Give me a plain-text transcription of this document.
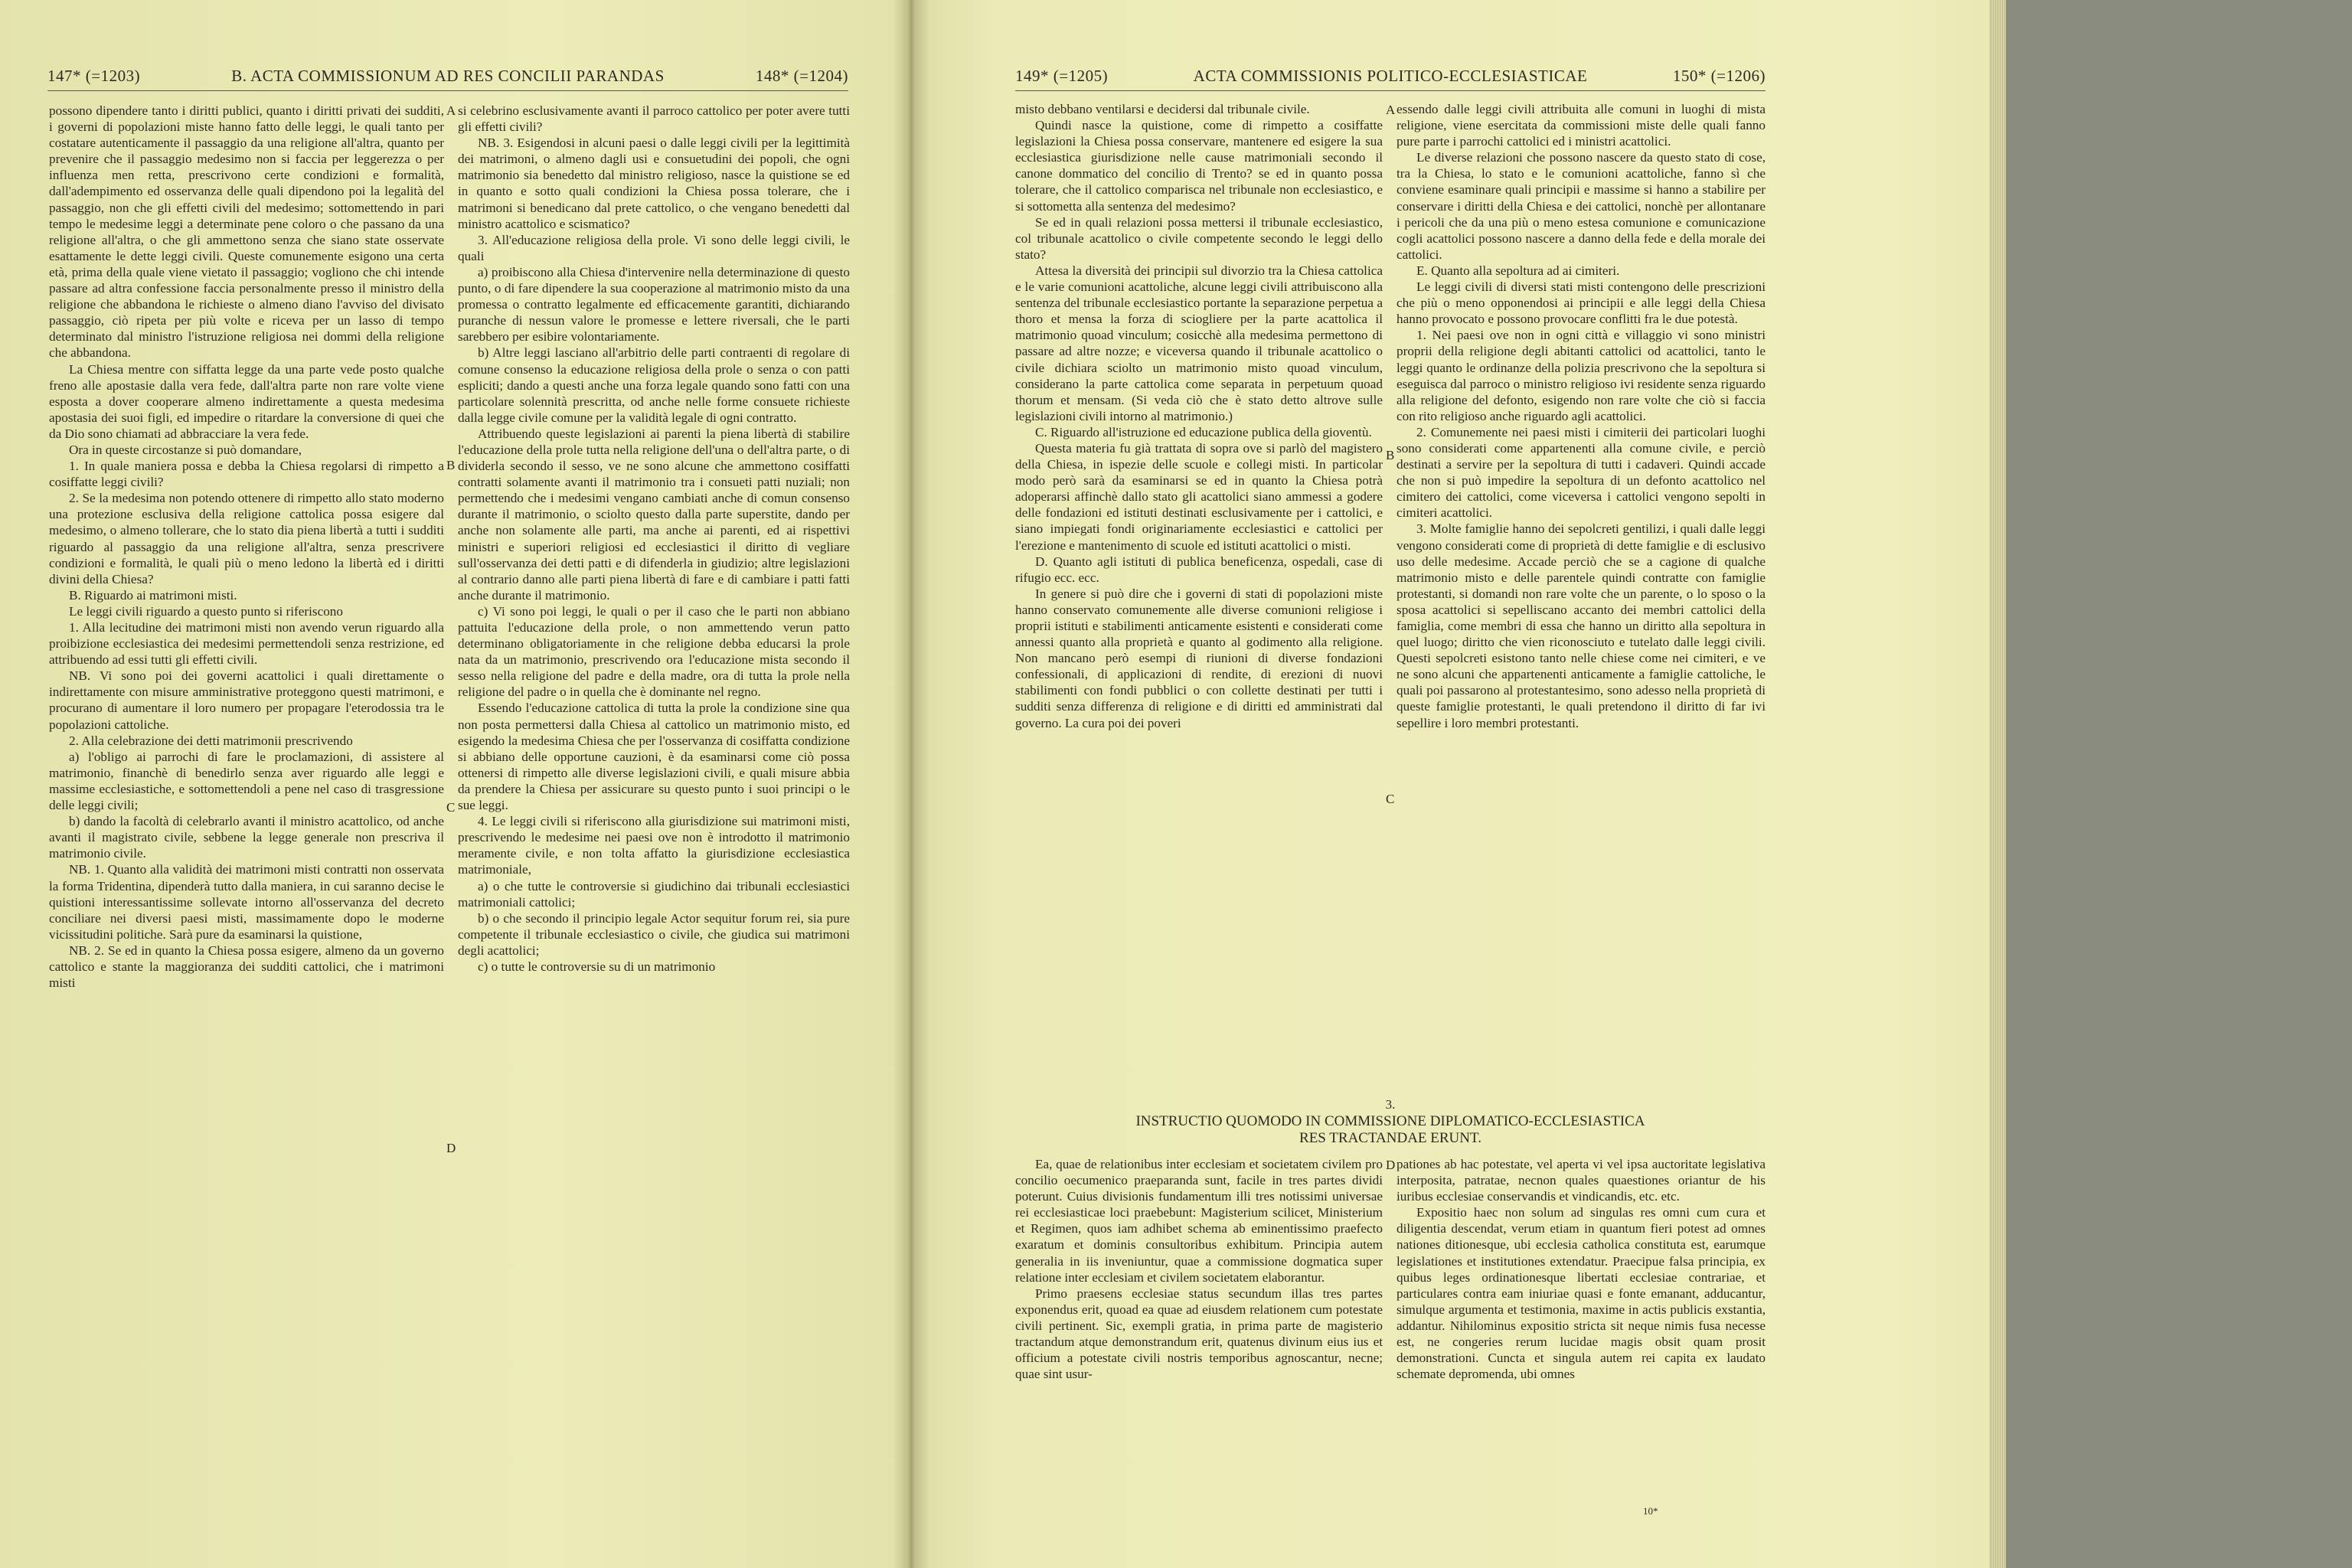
147* (=1203)	B. ACTA COMMISSIONUM AD RES CONCILII PARANDAS	148* (=1204)

possono dipendere tanto i diritti publici, quanto i diritti privati dei sudditi, i governi di popolazioni miste hanno fatto delle leggi, le quali tanto per costatare autenticamente il passaggio da una religione all'altra, quanto per prevenire che il passaggio medesimo non si faccia per leggerezza o per influenza men retta, prescrivono certe condizioni e formalità, dall'adempimento ed osservanza delle quali dipendono poi la legalità del passaggio, non che gli effetti civili del medesimo; sottomettendo in pari tempo le medesime leggi a determinate pene coloro o che passano da una religione all'altra, o che gli ammettono senza che siano state osservate esattamente le dette leggi civili. Queste comunemente esigono una certa età, prima della quale viene vietato il passaggio; vogliono che chi intende passare ad altra confessione faccia personalmente presso il ministro della religione che abbandona le richieste o almeno diano l'avviso del divisato passaggio, ciò ripeta per più volte e riceva per un lasso di tempo determinato dal ministro l'istruzione religiosa nei dommi della religione che abbandona.

La Chiesa mentre con siffatta legge da una parte vede posto qualche freno alle apostasie dalla vera fede, dall'altra parte non rare volte viene esposta a dover cooperare almeno indirettamente a questa medesima apostasia dei suoi figli, ed impedire o ritardare la conversione di quei che da Dio sono chiamati ad abbracciare la vera fede.

Ora in queste circostanze si può domandare,

1. In quale maniera possa e debba la Chiesa regolarsi di rimpetto a cosiffatte leggi civili?

2. Se la medesima non potendo ottenere di rimpetto allo stato moderno una protezione esclusiva della religione cattolica possa esigere dal medesimo, o almeno tollerare, che lo stato dia piena libertà a tutti i sudditi riguardo al passaggio da una religione all'altra, senza prescrivere condizioni e formalità, le quali più o meno ledono la libertà ed i diritti divini della Chiesa?

B. Riguardo ai matrimoni misti.

Le leggi civili riguardo a questo punto si riferiscono

1. Alla lecitudine dei matrimoni misti non avendo verun riguardo alla proibizione ecclesiastica dei medesimi permettendoli senza restrizione, ed attribuendo ad essi tutti gli effetti civili.

NB. Vi sono poi dei governi acattolici i quali direttamente o indirettamente con misure amministrative proteggono questi matrimoni, e procurano di aumentare il loro numero per propagare l'eterodossia tra le popolazioni cattoliche.

2. Alla celebrazione dei detti matrimonii prescrivendo

a) l'obligo ai parrochi di fare le proclamazioni, di assistere al matrimonio, financhè di benedirlo senza aver riguardo alle leggi e massime ecclesiastiche, e sottomettendoli a pene nel caso di trasgressione delle leggi civili;

b) dando la facoltà di celebrarlo avanti il ministro acattolico, od anche avanti il magistrato civile, sebbene la legge generale non prescriva il matrimonio civile.

NB. 1. Quanto alla validità dei matrimoni misti contratti non osservata la forma Tridentina, dipenderà tutto dalla maniera, in cui saranno decise le quistioni interessantissime sollevate intorno all'osservanza del decreto conciliare nei diversi paesi misti, massimamente dopo le moderne vicissitudini politiche. Sarà pure da esaminarsi la quistione,

NB. 2. Se ed in quanto la Chiesa possa esigere, almeno da un governo cattolico e stante la maggioranza dei sudditi cattolici, che i matrimoni misti

si celebrino esclusivamente avanti il parroco cattolico per poter avere tutti gli effetti civili?

NB. 3. Esigendosi in alcuni paesi o dalle leggi civili per la legittimità dei matrimoni, o almeno dagli usi e consuetudini dei popoli, che ogni matrimonio sia benedetto dal ministro religioso, nasce la quistione se ed in quanto e sotto quali condizioni la Chiesa possa tolerare, che i matrimoni si benedicano dal prete cattolico, o che vengano benedetti dal ministro acattolico e scismatico?

3. All'educazione religiosa della prole. Vi sono delle leggi civili, le quali

a) proibiscono alla Chiesa d'intervenire nella determinazione di questo punto, o di fare dipendere la sua cooperazione al matrimonio misto da una promessa o contratto legalmente ed efficacemente garantiti, dichiarando puranche di nessun valore le promesse e lettere riversali, che le parti sarebbero per esibire volontariamente.

b) Altre leggi lasciano all'arbitrio delle parti contraenti di regolare di comune consenso la educazione religiosa della prole o senza o con patti espliciti; dando a questi anche una forza legale quando sono fatti con una particolare solennità prescritta, od anche nelle forme consuete richieste dalla legge civile comune per la validità legale di ogni contratto.

Attribuendo queste legislazioni ai parenti la piena libertà di stabilire l'educazione della prole tutta nella religione dell'una o dell'altra parte, o di dividerla secondo il sesso, ve ne sono alcune che ammettono cosiffatti contratti solamente avanti il matrimonio tra i consueti patti nuziali; non permettendo che i medesimi vengano cambiati anche di comun consenso durante il matrimonio, o sciolto questo dalla parte superstite, dando per anche non solamente alle parti, ma anche ai parenti, ed ai rispettivi ministri e superiori religiosi ed ecclesiastici il diritto di vegliare sull'osservanza dei detti patti e di difenderla in giudizio; altre legislazioni al contrario danno alle parti piena libertà di fare e di cambiare i patti fatti anche durante il matrimonio.

c) Vi sono poi leggi, le quali o per il caso che le parti non abbiano pattuita l'educazione della prole, o non ammettendo verun patto determinano obligatoriamente in che religione debba educarsi la prole nata da un matrimonio, prescrivendo ora l'educazione mista secondo il sesso nella religione del padre e della madre, ora di tutta la prole nella religione del padre o in quella che è dominante nel regno.

Essendo l'educazione cattolica di tutta la prole la condizione sine qua non posta permettersi dalla Chiesa al cattolico un matrimonio misto, ed esigendo la medesima Chiesa che per l'osservanza di cosiffatta condizione si abbiano delle opportune cauzioni, è da esaminarsi come ciò possa ottenersi di rimpetto alle diverse legislazioni civili, e quali misure abbia da prendere la Chiesa per assicurare su questo punto i suoi principi o le sue leggi.

4. Le leggi civili si riferiscono alla giurisdizione sui matrimoni misti, prescrivendo le medesime nei paesi ove non è introdotto il matrimonio meramente civile, e non tolta affatto la giurisdizione ecclesiastica matrimoniale,

a) o che tutte le controversie si giudichino dai tribunali ecclesiastici matrimoniali cattolici;

b) o che secondo il principio legale Actor sequitur forum rei, sia pure competente il tribunale ecclesiastico o civile, che giudica sui matrimoni degli acattolici;

c) o tutte le controversie su di un matrimonio

A
B
C
D
149* (=1205)	ACTA COMMISSIONIS POLITICO-ECCLESIASTICAE	150* (=1206)

misto debbano ventilarsi e decidersi dal tribunale civile.

Quindi nasce la quistione, come di rimpetto a cosiffatte legislazioni la Chiesa possa conservare, mantenere ed esigere la sua ecclesiastica giurisdizione nelle cause matrimoniali secondo il canone dommatico del concilio di Trento? se ed in quanto possa tolerare, che il cattolico comparisca nel tribunale non ecclesiastico, e si sottometta alla sentenza del medesimo?

Se ed in quali relazioni possa mettersi il tribunale ecclesiastico, col tribunale acattolico o civile competente secondo le leggi dello stato?

Attesa la diversità dei principii sul divorzio tra la Chiesa cattolica e le varie comunioni acattoliche, alcune leggi civili attribuiscono alla sentenza del tribunale ecclesiastico portante la separazione perpetua a thoro et mensa la forza di sciogliere per la parte acattolica il matrimonio quoad vinculum; cosicchè alla medesima permettono di passare ad altre nozze; e viceversa quando il tribunale acattolico o civile dichiara sciolto un matrimonio misto quoad vinculum, considerano la parte cattolica come separata in perpetuum quoad thorum et mensam. (Si veda ciò che è stato detto altrove sulle legislazioni civili intorno al matrimonio.)

C. Riguardo all'istruzione ed educazione publica della gioventù.

Questa materia fu già trattata di sopra ove si parlò del magistero della Chiesa, in ispezie delle scuole e collegi misti. In particolar modo però sarà da esaminarsi se ed in quanto la Chiesa potrà adoperarsi affinchè dallo stato gli acattolici siano ammessi a godere delle fondazioni ed istituti destinati esclusivamente per i cattolici, e siano impiegati fondi originariamente ecclesiastici e cattolici per l'erezione e mantenimento di scuole ed istituti acattolici o misti.

D. Quanto agli istituti di publica beneficenza, ospedali, case di rifugio ecc. ecc.

In genere si può dire che i governi di stati di popolazioni miste hanno conservato comunemente alle diverse comunioni religiose i proprii istituti e stabilimenti anticamente esistenti e considerati come annessi quanto alla proprietà e quanto al godimento alla religione. Non mancano però esempi di riunioni di diverse fondazioni confessionali, di applicazioni di rendite, di erezioni di nuovi stabilimenti con fondi pubblici o con collette destinati per tutti i sudditi senza differenza di religione e di diritti ed amministrati dal governo. La cura poi dei poveri

essendo dalle leggi civili attribuita alle comuni in luoghi di mista religione, viene esercitata da commissioni miste delle quali fanno pure parte i parrochi cattolici ed i ministri acattolici.

Le diverse relazioni che possono nascere da questo stato di cose, tra la Chiesa, lo stato e le comunioni acattoliche, fanno sì che conviene esaminare quali principii e massime si hanno a stabilire per conservare i diritti della Chiesa e dei cattolici, nonchè per allontanare i pericoli che da una più o meno estesa comunione e comunicazione cogli acattolici possono nascere a danno della fede e della morale dei cattolici.

E. Quanto alla sepoltura ad ai cimiteri.

Le leggi civili di diversi stati misti contengono delle prescrizioni che più o meno opponendosi ai principii e alle leggi della Chiesa hanno provocato e possono provocare conflitti fra le due potestà.

1. Nei paesi ove non in ogni città e villaggio vi sono ministri proprii della religione degli abitanti cattolici od acattolici, tanto le leggi quanto le ordinanze della polizia prescrivono che la sepoltura si eseguisca dal parroco o ministro religioso ivi residente senza riguardo alla religione del defonto, esigendo non rare volte che ciò si faccia con rito religioso anche riguardo agli acattolici.

2. Comunemente nei paesi misti i cimiterii dei particolari luoghi sono considerati come appartenenti alla comune civile, e perciò destinati a servire per la sepoltura di tutti i cadaveri. Quindi accade che non si può impedire la sepoltura di un defonto acattolico nel cimitero dei cattolici, come viceversa i cattolici vengono sepolti in cimiteri acattolici.

3. Molte famiglie hanno dei sepolcreti gentilizi, i quali dalle leggi vengono considerati come di proprietà di dette famiglie e di esclusivo uso delle medesime. Accade perciò che se a cagione di qualche matrimonio misto e delle parentele quindi contratte con famiglie protestanti, si domandi non rare volte che un parente, o lo sposo o la sposa acattolici si sepelliscano accanto dei membri cattolici della famiglia, come membri di essa che hanno un diritto alla sepoltura in quel luogo; diritto che vien riconosciuto e tutelato dalle leggi civili. Questi sepolcreti esistono tanto nelle chiese come nei cimiteri, e ve ne sono alcuni che appartenenti anticamente a famiglie cattoliche, le quali poi passarono al protestantesimo, sono adesso nella proprietà di queste famiglie protestanti, le quali pretendono il diritto di far ivi sepellire i loro membri protestanti.

A
B
C
D
3.
INSTRUCTIO QUOMODO IN COMMISSIONE DIPLOMATICO-ECCLESIASTICA
RES TRACTANDAE ERUNT.

Ea, quae de relationibus inter ecclesiam et societatem civilem pro concilio oecumenico praeparanda sunt, facile in tres partes dividi poterunt. Cuius divisionis fundamentum illi tres notissimi universae rei ecclesiasticae loci praebebunt: Magisterium scilicet, Ministerium et Regimen, quos iam adhibet schema ab eminentissimo praefecto exaratum et dominis consultoribus exhibitum. Principia autem generalia in iis inveniuntur, quae a commissione dogmatica super relatione inter ecclesiam et civilem societatem elaborantur.

Primo praesens ecclesiae status secundum illas tres partes exponendus erit, quoad ea quae ad eiusdem relationem cum potestate civili pertinent. Sic, exempli gratia, in prima parte de magisterio tractandum atque demonstrandum erit, quatenus divinum eius ius et officium a potestate civili nostris temporibus agnoscantur, necne; quae sint usur-

pationes ab hac potestate, vel aperta vi vel ipsa auctoritate legislativa interposita, patratae, necnon quales quaestiones oriantur de his iuribus ecclesiae conservandis et vindicandis, etc. etc.

Expositio haec non solum ad singulas res omni cum cura et diligentia descendat, verum etiam in quantum fieri potest ad omnes nationes ditionesque, ubi ecclesia catholica constituta est, earumque legislationes et institutiones extendatur. Praecipue falsa principia, ex quibus leges ordinationesque libertati ecclesiae contrariae, et particulares contra eam iniuriae quasi e fonte emanant, adducantur, simulque argumenta et testimonia, maxime in actis publicis exstantia, addantur. Nihilominus expositio stricta sit neque nimis fusa necesse est, ne congeries rerum lucidae magis obsit quam prosit demonstrationi. Cuncta et singula autem rei capita ex laudato schemate depromenda, ubi omnes

10*
